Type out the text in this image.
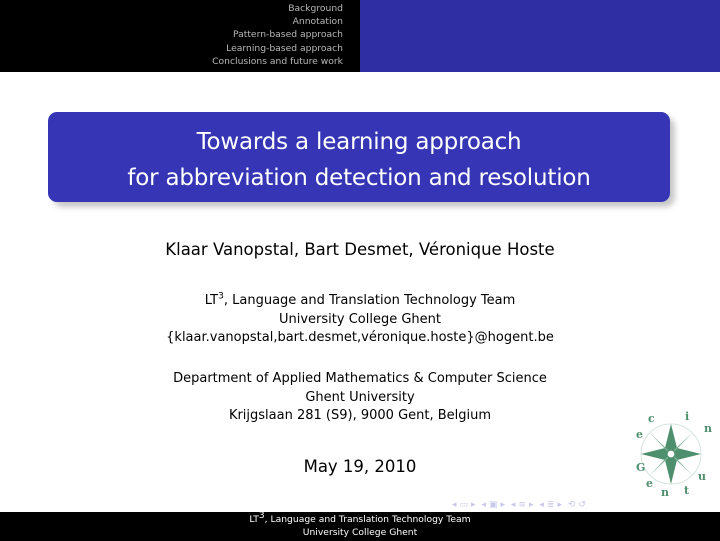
Background
Annotation
Pattern-based approach
Learning-based approach
Conclusions and future work
Towards a learning approach
for abbreviation detection and resolution
Klaar Vanopstal, Bart Desmet, Véronique Hoste
$LT^3$, Language and Translation Technology Team
University College Ghent
{klaar.vanopstal,bart.desmet,véronique.hoste}@hogent.be
Department of Applied Mathematics & Computer Science
Ghent University
Krijgslaan 281 (S9), 9000 Gent, Belgium
May 19, 2010	G
e
n t
u
n
i
c
e
◂ ▭ ▸ ◂ ▣ ▸ ◂ ≡ ▸ ◂ ≣ ▸ ⟲ ↺
$LT^3$, Language and Translation Technology Team
University College Ghent
